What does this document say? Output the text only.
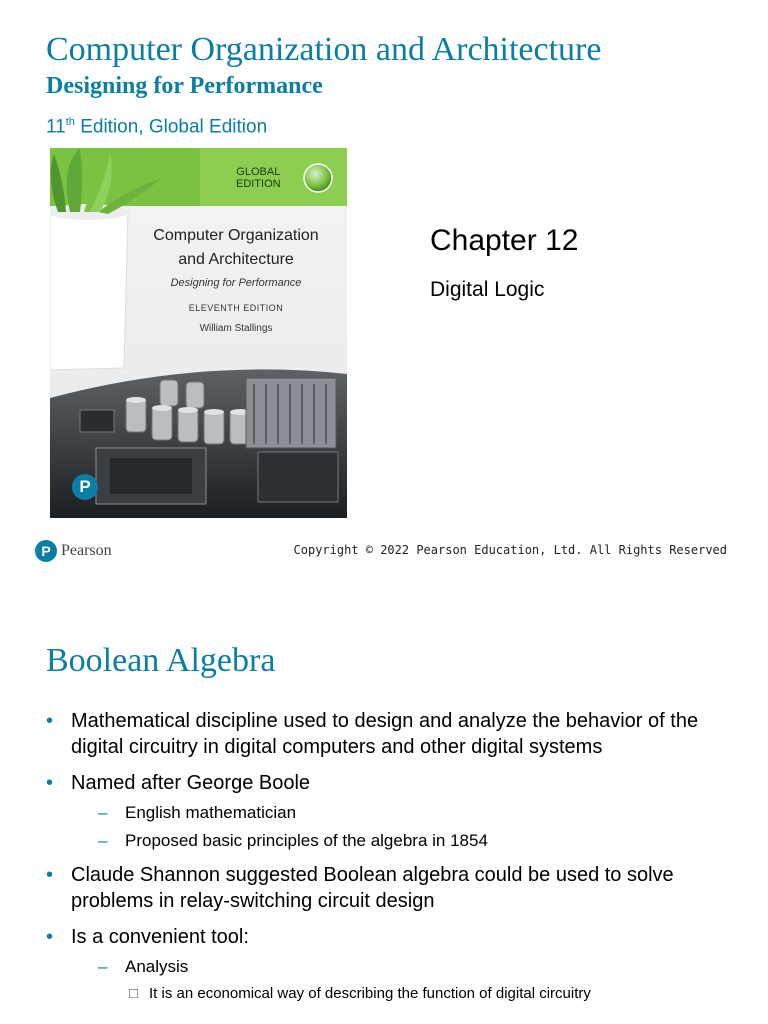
Computer Organization and Architecture
Designing for Performance
11th Edition, Global Edition
GLOBAL
EDITION
Computer Organization
and Architecture
Designing for Performance
ELEVENTH EDITION
William Stallings
P
Chapter 12
Digital Logic
P Pearson	Copyright © 2022 Pearson Education, Ltd. All Rights Reserved
Boolean Algebra
• Mathematical discipline used to design and analyze the behavior of the digital circuitry in digital computers and other digital systems
• Named after George Boole
– English mathematician
– Proposed basic principles of the algebra in 1854
• Claude Shannon suggested Boolean algebra could be used to solve problems in relay-switching circuit design
• Is a convenient tool:
– Analysis
□ It is an economical way of describing the function of digital circuitry
